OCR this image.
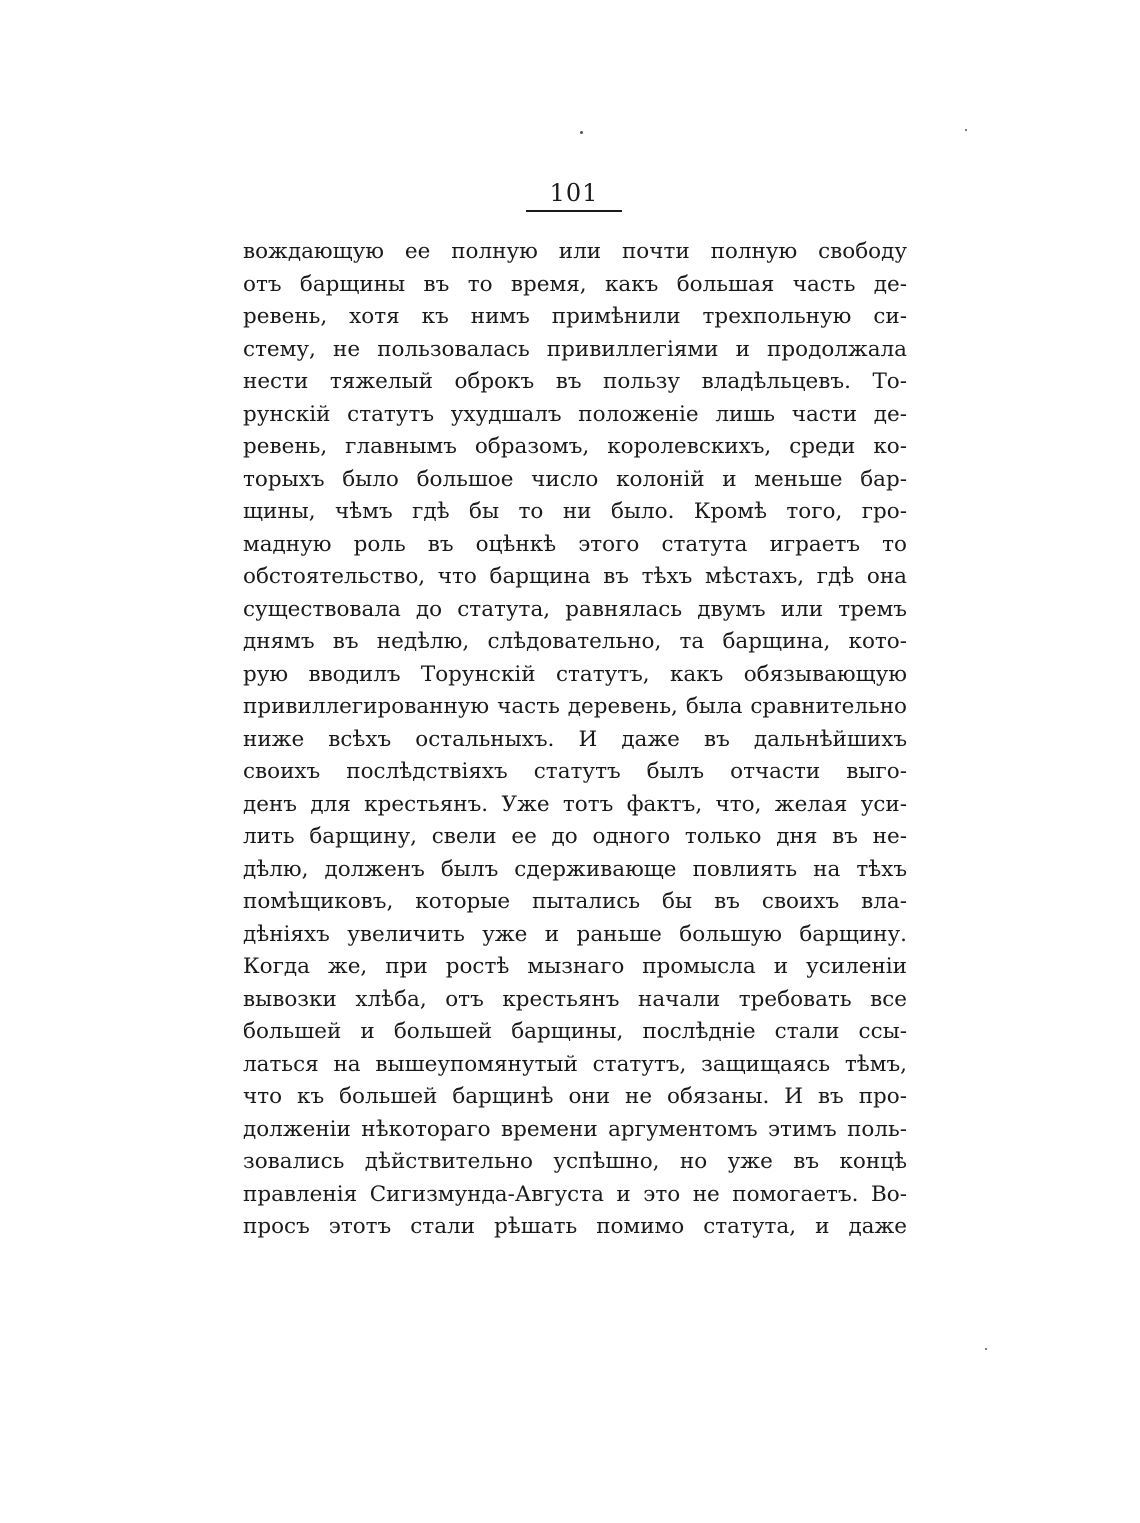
101
вождающую ее полную или почти полную свободу
отъ барщины въ то время, какъ большая часть де-
ревень, хотя къ нимъ примѣнили трехпольную си-
стему, не пользовалась привиллегіями и продолжала
нести тяжелый оброкъ въ пользу владѣльцевъ. То-
рунскій статутъ ухудшалъ положеніе лишь части де-
ревень, главнымъ образомъ, королевскихъ, среди ко-
торыхъ было большое число колоній и меньше бар-
щины, чѣмъ гдѣ бы то ни было. Кромѣ того, гро-
мадную роль въ оцѣнкѣ этого статута играетъ то
обстоятельство, что барщина въ тѣхъ мѣстахъ, гдѣ она
существовала до статута, равнялась двумъ или тремъ
днямъ въ недѣлю, слѣдовательно, та барщина, кото-
рую вводилъ Торунскій статутъ, какъ обязывающую
привиллегированную часть деревень, была сравнительно
ниже всѣхъ остальныхъ. И даже въ дальнѣйшихъ
своихъ послѣдствіяхъ статутъ былъ отчасти выго-
денъ для крестьянъ. Уже тотъ фактъ, что, желая уси-
лить барщину, свели ее до одного только дня въ не-
дѣлю, долженъ былъ сдерживающе повлиять на тѣхъ
помѣщиковъ, которые пытались бы въ своихъ вла-
дѣніяхъ увеличить уже и раньше большую барщину.
Когда же, при ростѣ мызнаго промысла и усиленіи
вывозки хлѣба, отъ крестьянъ начали требовать все
большей и большей барщины, послѣдніе стали ссы-
латься на вышеупомянутый статутъ, защищаясь тѣмъ,
что къ большей барщинѣ они не обязаны. И въ про-
долженіи нѣкотораго времени аргументомъ этимъ поль-
зовались дѣйствительно успѣшно, но уже въ концѣ
правленія Сигизмунда-Августа и это не помогаетъ. Во-
просъ этотъ стали рѣшать помимо статута, и даже
